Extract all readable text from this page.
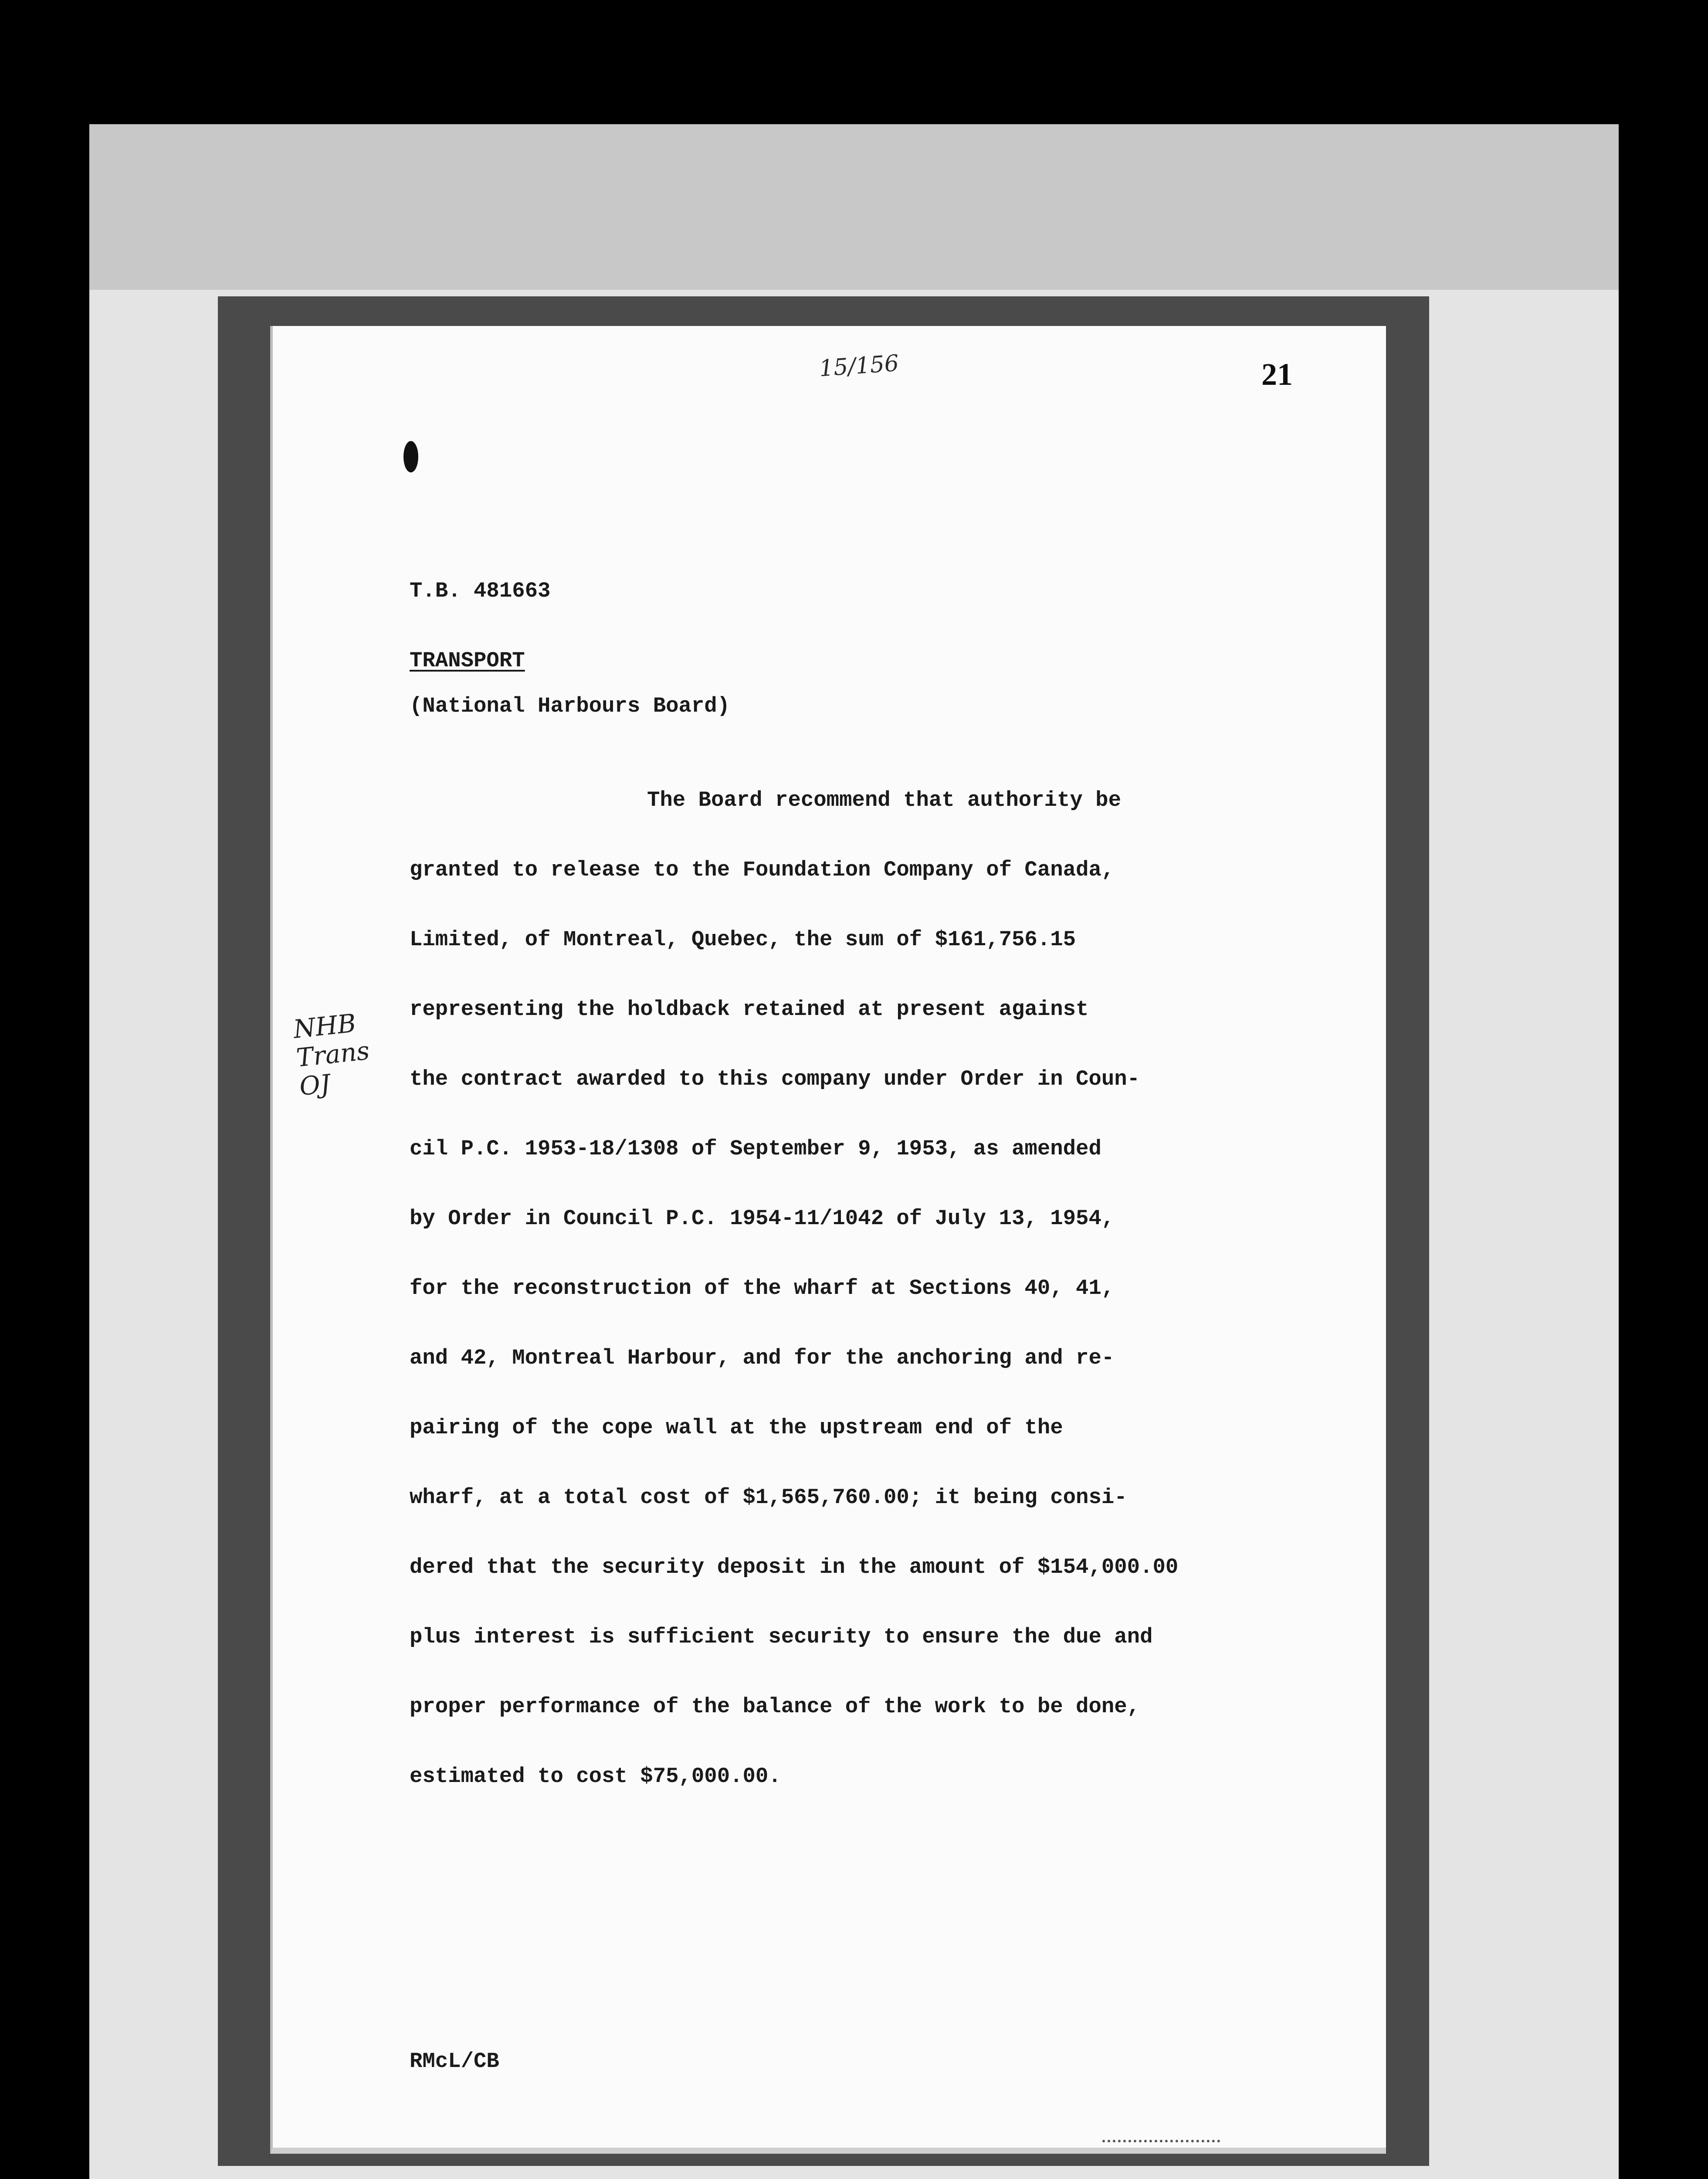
15/156	21
T.B. 481663
TRANSPORT
(National Harbours Board)
The Board recommend that authority be
granted to release to the Foundation Company of Canada,
Limited, of Montreal, Quebec, the sum of $161,756.15
representing the holdback retained at present against
the contract awarded to this company under Order in Coun-
cil P.C. 1953-18/1308 of September 9, 1953, as amended
by Order in Council P.C. 1954-11/1042 of July 13, 1954,
for the reconstruction of the wharf at Sections 40, 41,
and 42, Montreal Harbour, and for the anchoring and re-
pairing of the cope wall at the upstream end of the
wharf, at a total cost of $1,565,760.00; it being consi-
dered that the security deposit in the amount of $154,000.00
plus interest is sufficient security to ensure the due and
proper performance of the balance of the work to be done,
estimated to cost $75,000.00.
NHB
Trans
OJ
RMcL/CB
